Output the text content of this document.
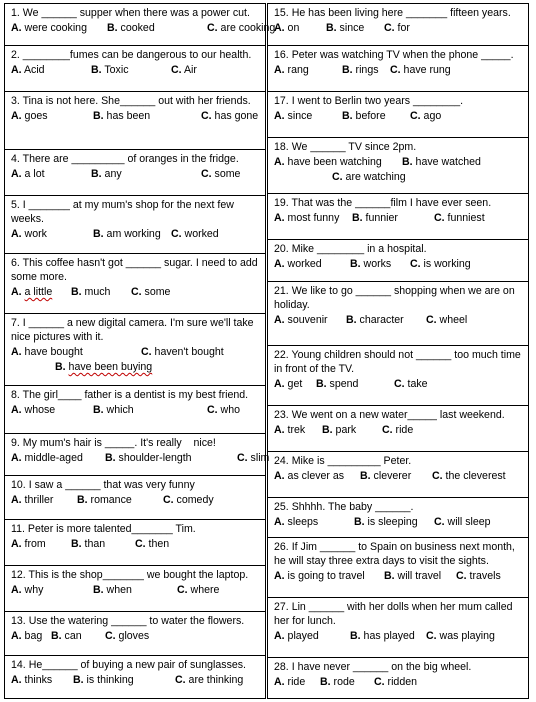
1. We ______ supper when there was a power cut.
A. were cooking B. cooked	C. are cooking
2. ________fumes can be dangerous to our health.
A. Acid	B. Toxic	C. Air
3. Tina is not here. She______ out with her friends.
A. goes	B. has been	C. has gone
4. There are _________ of oranges in the fridge.
A. a lot	B. any	C. some
5. I _______ at my mum's shop for the next few weeks.
A. work	B. am working C. worked
6. This coffee hasn't got ______ sugar. I need to add some more.
A. a little B. much C. some
7. I ______ a new digital camera. I'm sure we'll take nice pictures with it.
A. have bought	C. haven't bought
B. have been buying
8. The girl____ father is a dentist is my best friend.
A. whose	B. which	C. who
9. My mum's hair is _____. It's really    nice!
A. middle-aged B. shoulder-length	C. slim
10. I saw a ______ that was very funny
A. thriller B. romance	C. comedy
11. Peter is more talented_______ Tim.
A. from B. than	C. then
12. This is the shop_______ we bought the laptop.
A. why	B. when	C. where
13. Use the watering ______ to water the flowers.
A. bag B. can C. gloves
14. He______ of buying a new pair of sunglasses.
A. thinks B. is thinking	C. are thinking
15. He has been living here _______ fifteen years.
A. on	B. since C. for
16. Peter was watching TV when the phone _____.
A. rang	B. rings C. have rung
17. I went to Berlin two years ________.
A. since	B. before C. ago
18. We ______ TV since 2pm.
A. have been watching B. have watched
C. are watching
19. That was the ______film I have ever seen.
A. most funny B. funnier	C. funniest
20. Mike ________ in a hospital.
A. worked	B. works C. is working
21. We like to go ______ shopping when we are on holiday.
A. souvenir B. character C. wheel
22. Young children should not ______ too much time in front of the TV.
A. get B. spend	C. take
23. We went on a new water_____ last weekend.
A. trek B. park C. ride
24. Mike is _________ Peter.
A. as clever as B. cleverer C. the cleverest
25. Shhhh. The baby ______.
A. sleeps	B. is sleeping C. will sleep
26. If Jim ______ to Spain on business next month, he will stay three extra days to visit the sights.
A. is going to travel B. will travel C. travels
27. Lin ______ with her dolls when her mum called her for lunch.
A. played	B. has played C. was playing
28. I have never ______ on the big wheel.
A. ride B. rode C. ridden
